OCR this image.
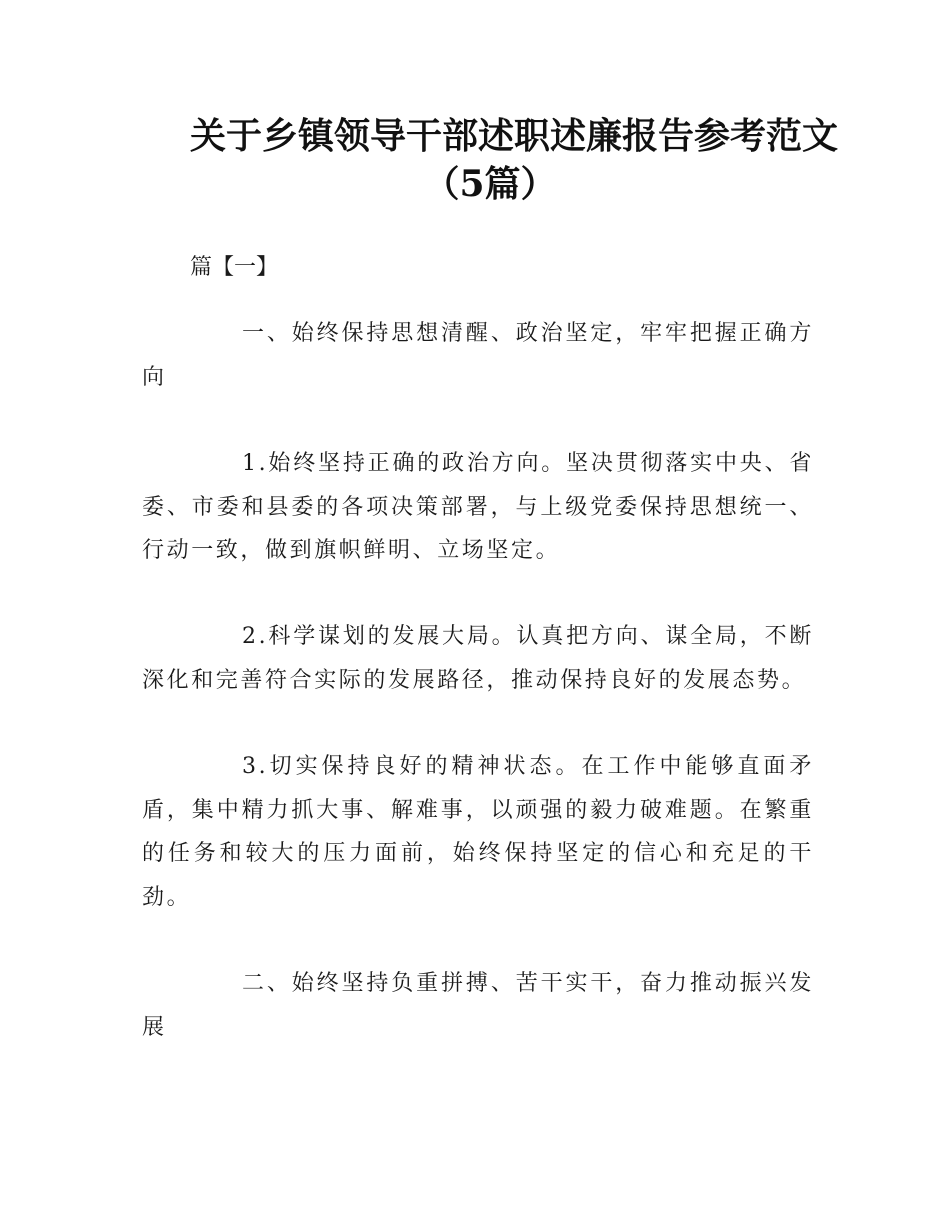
关于乡镇领导干部述职述廉报告参考范文
（5篇）
篇【一】

一、始终保持思想清醒、政治坚定，牢牢把握正确方向

1.始终坚持正确的政治方向。坚决贯彻落实中央、省委、市委和县委的各项决策部署，与上级党委保持思想统一、行动一致，做到旗帜鲜明、立场坚定。

2.科学谋划的发展大局。认真把方向、谋全局，不断深化和完善符合实际的发展路径，推动保持良好的发展态势。

3.切实保持良好的精神状态。在工作中能够直面矛盾，集中精力抓大事、解难事，以顽强的毅力破难题。在繁重的任务和较大的压力面前，始终保持坚定的信心和充足的干劲。

二、始终坚持负重拼搏、苦干实干，奋力推动振兴发展
